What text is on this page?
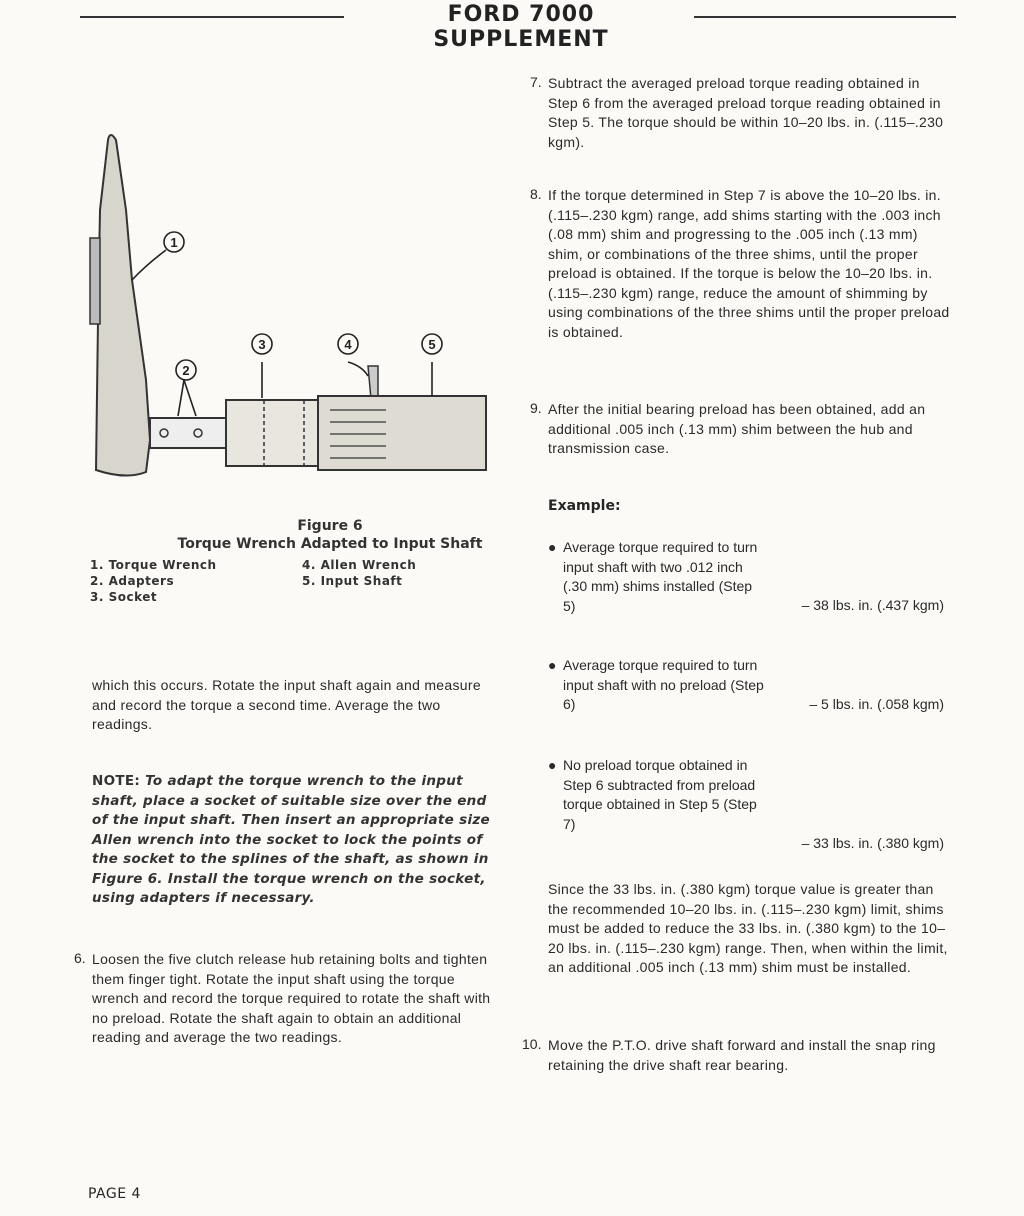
FORD 7000 SUPPLEMENT
1
2
3	4	5
Figure 6
Torque Wrench Adapted to Input Shaft
1. Torque Wrench
2. Adapters
3. Socket
4. Allen Wrench
5. Input Shaft
which this occurs. Rotate the input shaft again and measure and record the torque a second time. Average the two readings.
NOTE: To adapt the torque wrench to the input shaft, place a socket of suitable size over the end of the input shaft. Then insert an appropriate size Allen wrench into the socket to lock the points of the socket to the splines of the shaft, as shown in Figure 6. Install the torque wrench on the socket, using adapters if necessary.
6. Loosen the five clutch release hub retaining bolts and tighten them finger tight. Rotate the input shaft using the torque wrench and record the torque required to rotate the shaft with no preload. Rotate the shaft again to obtain an additional reading and average the two readings.
7. Subtract the averaged preload torque reading obtained in Step 6 from the averaged preload torque reading obtained in Step 5. The torque should be within 10–20 lbs. in. (.115–.230 kgm).
8. If the torque determined in Step 7 is above the 10–20 lbs. in. (.115–.230 kgm) range, add shims starting with the .003 inch (.08 mm) shim and progressing to the .005 inch (.13 mm) shim, or combinations of the three shims, until the proper preload is obtained. If the torque is below the 10–20 lbs. in. (.115–.230 kgm) range, reduce the amount of shimming by using combinations of the three shims until the proper preload is obtained.
9. After the initial bearing preload has been obtained, add an additional .005 inch (.13 mm) shim between the hub and transmission case.
Example:
● Average torque required to turn input shaft with two .012 inch (.30 mm) shims installed (Step 5)	– 38 lbs. in. (.437 kgm)
● Average torque required to turn input shaft with no preload (Step 6)	– 5 lbs. in. (.058 kgm)
● No preload torque obtained in Step 6 subtracted from preload torque obtained in Step 5 (Step 7)
– 33 lbs. in. (.380 kgm)
Since the 33 lbs. in. (.380 kgm) torque value is greater than the recommended 10–20 lbs. in. (.115–.230 kgm) limit, shims must be added to reduce the 33 lbs. in. (.380 kgm) to the 10–20 lbs. in. (.115–.230 kgm) range. Then, when within the limit, an additional .005 inch (.13 mm) shim must be installed.
10. Move the P.T.O. drive shaft forward and install the snap ring retaining the drive shaft rear bearing.
PAGE 4
